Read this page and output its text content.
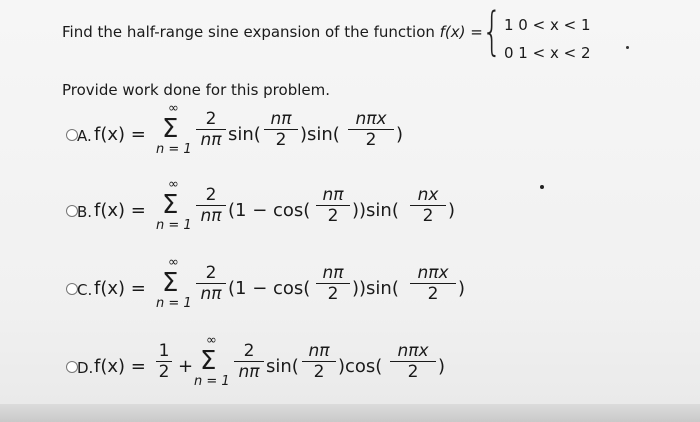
Find the half-range sine expansion of the function f(x) = { 1 0 < x < 1
0 1 < x < 2
Provide work done for this problem.
A. f(x) =
∞
Σ
n = 1
2
nπ sin(
nπ
2 )sin(
nπx
2	)
B. f(x) =
∞
Σ
n = 1
2
nπ (1 − cos(
nπ
2 ))sin(
nx
2 )
C. f(x) =
∞
Σ
n = 1
2
nπ (1 − cos(
nπ
2 ))sin(
nπx
2	)
D. f(x) =
1
2 +
∞
Σ
n = 1
2
nπ sin(
nπ
2 )cos(
nπx
2	)
